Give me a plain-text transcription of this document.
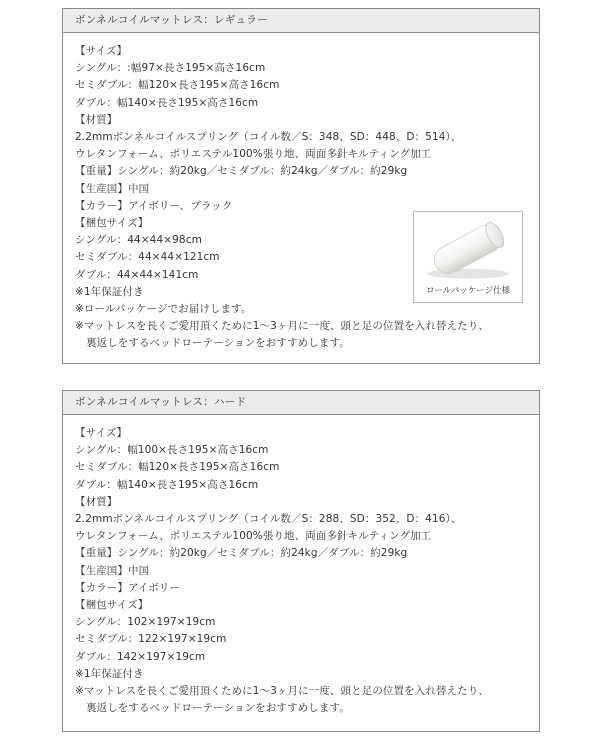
ボンネルコイルマットレス：レギュラー
【サイズ】
シングル：:幅97×長さ195×高さ16cm
セミダブル：幅120×長さ195×高さ16cm
ダブル：幅140×長さ195×高さ16cm
【材質】
2.2mmボンネルコイルスプリング（コイル数／S：348、SD：448、D：514）、
ウレタンフォーム、ポリエステル100%張り地、両面多針キルティング加工
【重量】シングル：約20kg／セミダブル：約24kg／ダブル：約29kg
【生産国】中国
【カラー】アイボリー、ブラック
【梱包サイズ】
シングル：44×44×98cm
セミダブル：44×44×121cm
ダブル：44×44×141cm
※1年保証付き
※ロールパッケージでお届けします。
※マットレスを長くご愛用頂くために1〜3ヶ月に一度、頭と足の位置を入れ替えたり、
裏返しをするベッドローテーションをおすすめします。
ロールパッケージ仕様
ボンネルコイルマットレス：ハード
【サイズ】
シングル：幅100×長さ195×高さ16cm
セミダブル：幅120×長さ195×高さ16cm
ダブル：幅140×長さ195×高さ16cm
【材質】
2.2mmボンネルコイルスプリング（コイル数／S：288、SD：352、D：416）、
ウレタンフォーム、ポリエステル100%張り地、両面多針キルティング加工
【重量】シングル：約20kg／セミダブル：約24kg／ダブル：約29kg
【生産国】中国
【カラー】アイボリー
【梱包サイズ】
シングル：102×197×19cm
セミダブル：122×197×19cm
ダブル：142×197×19cm
※1年保証付き
※マットレスを長くご愛用頂くために1〜3ヶ月に一度、頭と足の位置を入れ替えたり、
裏返しをするベッドローテーションをおすすめします。
